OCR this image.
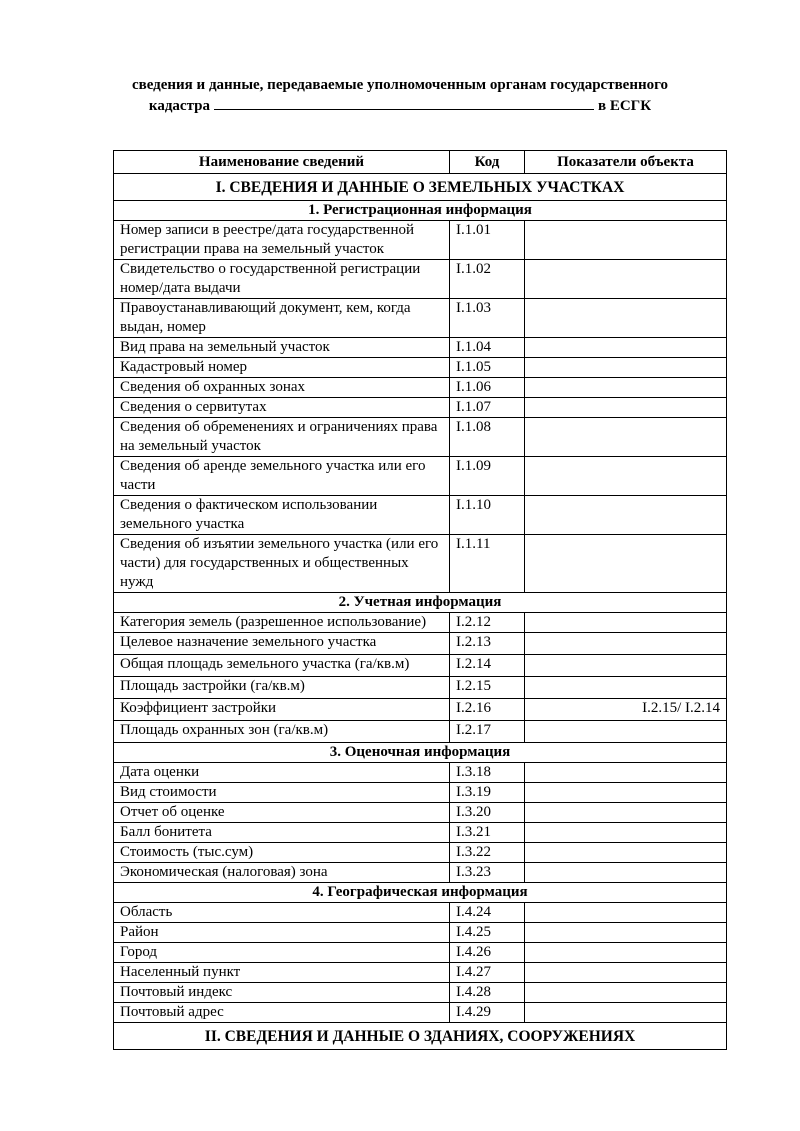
сведения и данные, передаваемые уполномоченным органам государственного
кадастра	в ЕСГК
Наименование сведений	Код	Показатели объекта
I. СВЕДЕНИЯ И ДАННЫЕ О ЗЕМЕЛЬНЫХ УЧАСТКАХ		
1. Регистрационная информация		
Номер записи в реестре/дата государственной регистрации права на земельный участок	I.1.01	
Свидетельство о государственной регистрации номер/дата выдачи	I.1.02	
Правоустанавливающий документ, кем, когда выдан, номер	I.1.03	
Вид права на земельный участок	I.1.04	
Кадастровый номер	I.1.05	
Сведения об охранных зонах	I.1.06	
Сведения о сервитутах	I.1.07	
Сведения об обременениях и ограничениях права на земельный участок	I.1.08	
Сведения об аренде земельного участка или его части	I.1.09	
Сведения о фактическом использовании земельного участка	I.1.10	
Сведения об изъятии земельного участка (или его части) для государственных и общественных нужд	I.1.11	
2. Учетная информация		
Категория земель (разрешенное использование)	I.2.12	
Целевое назначение земельного участка	I.2.13	
Общая площадь земельного участка (га/кв.м)	I.2.14	
Площадь застройки (га/кв.м)	I.2.15	
Коэффициент застройки	I.2.16	I.2.15/ I.2.14
Площадь охранных зон (га/кв.м)	I.2.17	
3. Оценочная информация		
Дата оценки	I.3.18	
Вид стоимости	I.3.19	
Отчет об оценке	I.3.20	
Балл бонитета	I.3.21	
Стоимость (тыс.сум)	I.3.22	
Экономическая (налоговая) зона	I.3.23	
4. Географическая информация		
Область	I.4.24	
Район	I.4.25	
Город	I.4.26	
Населенный пункт	I.4.27	
Почтовый индекс	I.4.28	
Почтовый адрес	I.4.29	
II. СВЕДЕНИЯ И ДАННЫЕ О ЗДАНИЯХ, СООРУЖЕНИЯХ		
